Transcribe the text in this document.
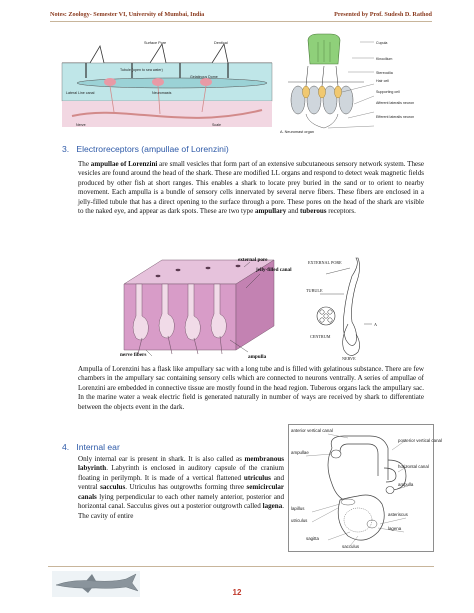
Notes: Zoology- Semester VI, University of Mumbai, India	Presented by Prof. Sudesh D. Rathod
Surface Pore	Dentical
Tubule (open to sea water)
Gelatinous Dome
Neuromasts
Lateral Line canal
Nerve	Scale
Cupula
Kinocilium
Stereocilia
Hair cell
Supporting cell
Afferent lateralis neuron
Efferent lateralis neuron
A. Neuromast organ
3. Electroreceptors (ampullae of Lorenzini)
The ampullae of Lorenzini are small vesicles that form part of an extensive subcutaneous sensory network system. These vesicles are found around the head of the shark. These are modified LL organs and respond to detect weak magnetic fields produced by other fish at short ranges. This enables a shark to locate prey buried in the sand or to orient to nearby movement. Each ampulla is a bundle of sensory cells innervated by several nerve fibers. These fibers are enclosed in a jelly-filled tubule that has a direct opening to the surface through a pore. These pores on the head of the shark are visible to the naked eye, and appear as dark spots. These are two type ampullary and tuberous receptors.
external pore
jelly-filled canal
nerve fibers	ampulla
EXTERNAL PORE
TUBULE
CENTRUM
NERVE
A
Ampulla of Lorenzini has a flask like ampullary sac with a long tube and is filled with gelatinous substance. There are few chambers in the ampullary sac containing sensory cells which are connected to neurons ventrally. A series of ampullae of Lorenzini are embedded in connective tissue are mostly found in the head region. Tuberous organs lack the ampullary sac. In the marine water a weak electric field is generated naturally in number of ways are received by shark to differentiate between the objects event in the dark.
4. Internal ear
Only internal ear is present in shark. It is also called as membranous labyrinth. Labyrinth is enclosed in auditory capsule of the cranium floating in perilymph. It is made of a vertical flattened utriculus and ventral sacculus. Utriculus has outgrowths forming three semicircular canals lying perpendicular to each other namely anterior, posterior and horizontal canal. Sacculus gives out a posterior outgrowth called lagena. The cavity of entire
anterior vertical canal
ampullae
posterior vertical canal
horizontal canal
ampulla
lapillus
utriculus
asteriscus
lagena
sagitta
sacculus
12
